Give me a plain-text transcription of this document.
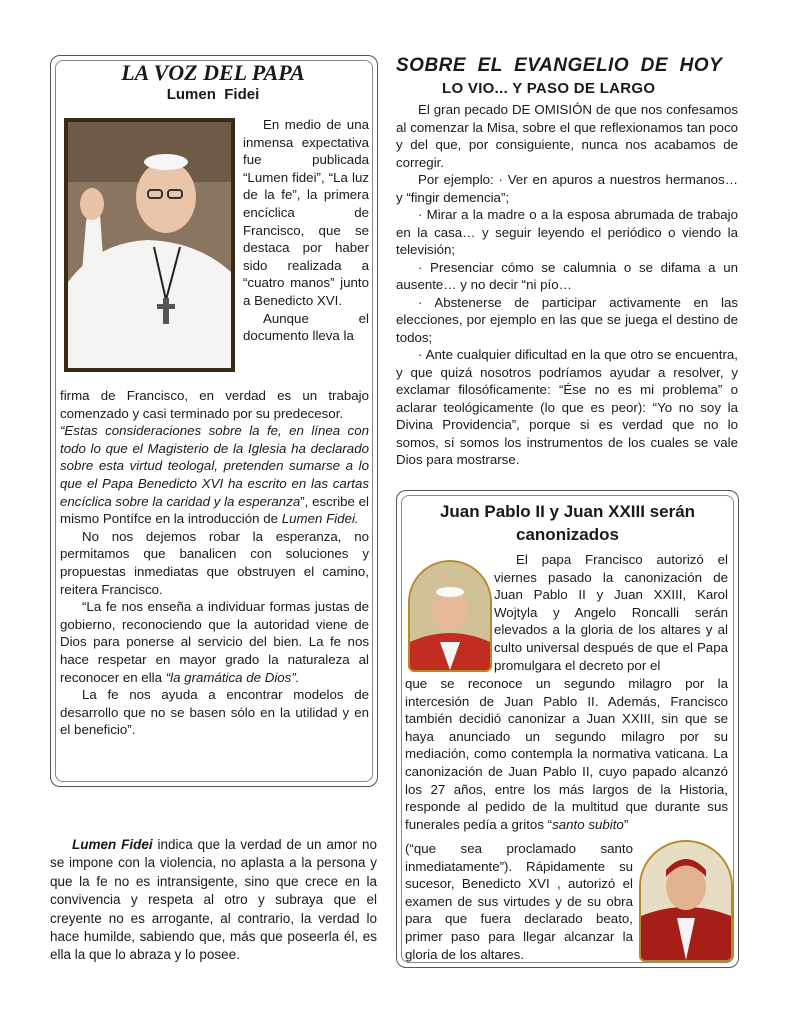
LA VOZ DEL PAPA
Lumen  Fidei

En medio de una inmensa expectativa fue publicada “Lumen fidei”, “La luz de la fe”, la primera encíclica de Francisco, que se destaca por haber sido realizada a “cuatro manos” junto a Benedicto XVI.

Aunque el documento lleva la

firma de Francisco, en verdad es un trabajo comenzado y casi terminado por su predecesor.

“Estas consideraciones sobre la fe, en línea con todo lo que el Magisterio de la Iglesia ha declarado sobre esta virtud teologal, pretenden sumarse a lo que el Papa Benedicto XVI ha escrito en las cartas encíclica sobre la caridad y la esperanza”, escribe el mismo Pontífce en la introducción de Lumen Fidei.

No nos dejemos robar la esperanza, no permitamos que banalicen con soluciones y propuestas inmediatas que obstruyen el camino, reitera Francisco.

“La fe nos enseña a individuar formas justas de gobierno, reconociendo que la autoridad viene de Dios para ponerse al servicio del bien. La fe nos hace respetar en mayor grado la naturaleza al reconocer en ella “la gramática de Dios”.

La fe nos ayuda a encontrar modelos de desarrollo que no se basen sólo en la utilidad y en el beneficio”.

Lumen Fidei indica que la verdad de un amor no se impone con la violencia, no aplasta a la persona y que la fe no es intransigente, sino que crece en la convivencia y respeta al otro y subraya que el creyente no es arrogante, al contrario, la verdad lo hace humilde, sabiendo que, más que poseerla él, es ella la que lo abraza y lo posee.

SOBRE  EL  EVANGELIO  DE  HOY
LO VIO... Y PASO DE LARGO

El gran pecado DE OMISIÓN de que nos confesamos al comenzar la Misa, sobre el que reflexionamos tan poco y del que, por consiguiente, nunca nos acabamos de corregir.

Por ejemplo: · Ver en apuros a nuestros hermanos… y “fingir demencia”;

· Mirar a la madre o a la esposa abrumada de trabajo en la casa… y seguir leyendo el periódico o viendo la televisión;

· Presenciar cómo se calumnia o se difama a un ausente… y no decir “ni pío…

· Abstenerse de participar activamente en las elecciones, por ejemplo en las que se juega el destino de todos;

· Ante cualquier dificultad en la que otro se encuentra, y que quizá nosotros podríamos ayudar a resolver, y exclamar filosóficamente: “Ése no es mi problema” o aclarar teológicamente (lo que es peor): “Yo no soy la Divina Providencia”, porque si es verdad que no lo somos, sí somos los instrumentos de los cuales se vale Dios para mostrarse.

Juan Pablo II y Juan XXIII serán
canonizados

El papa Francisco autorizó el viernes pasado la canonización de Juan Pablo II y Juan XXIII, Karol Wojtyla y Angelo Roncalli serán elevados a la gloria de los altares y al culto universal después de que el Papa promulgara el decreto por el

que se reconoce un segundo milagro por la intercesión de Juan Pablo II. Además, Francisco también decidió canonizar a Juan XXIII, sin que se haya anunciado un segundo milagro por su mediación, como contempla la normativa vaticana. La canonización de Juan Pablo II, cuyo papado alcanzó los 27 años, entre los más largos de la Historia, responde al pedido de la multitud que durante sus funerales pedía a gritos “santo subito”

(“que sea proclamado santo inmediatamente”). Rápidamente su sucesor, Benedicto XVI , autorizó el examen de sus virtudes y de su obra para que fuera declarado beato, primer paso para llegar alcanzar la gloria de los altares.
